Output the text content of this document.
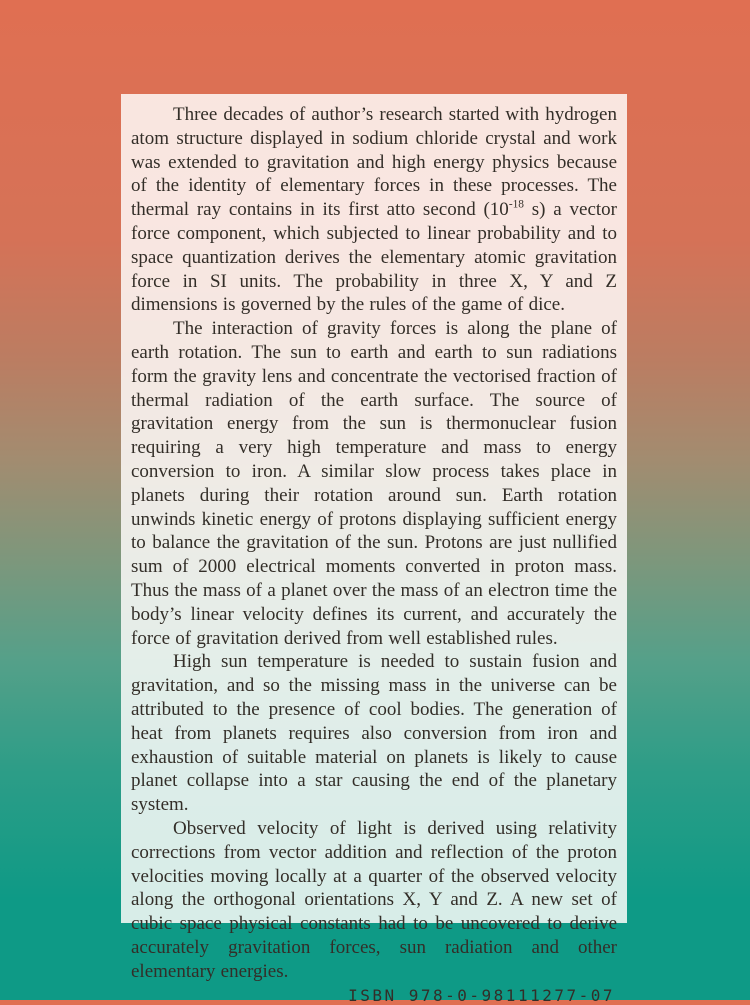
Three decades of author’s research started with hydrogen atom structure displayed in sodium chloride crystal and work was extended to gravitation and high energy physics because of the identity of elementary forces in these processes. The thermal ray contains in its first atto second ($10^{-18}$ s) a vector force component, which subjected to linear probability and to space quantization derives the elementary atomic gravitation force in SI units. The probability in three X, Y and Z dimensions is governed by the rules of the game of dice.

The interaction of gravity forces is along the plane of earth rotation. The sun to earth and earth to sun radiations form the gravity lens and concentrate the vectorised fraction of thermal radiation of the earth surface. The source of gravitation energy from the sun is thermonuclear fusion requiring a very high temperature and mass to energy conversion to iron. A similar slow process takes place in planets during their rotation around sun. Earth rotation unwinds kinetic energy of protons displaying sufficient energy to balance the gravitation of the sun. Protons are just nullified sum of 2000 electrical moments converted in proton mass. Thus the mass of a planet over the mass of an electron time the body’s linear velocity defines its current, and accurately the force of gravitation derived from well established rules.

High sun temperature is needed to sustain fusion and gravitation, and so the missing mass in the universe can be attributed to the presence of cool bodies. The generation of heat from planets requires also conversion from iron and exhaustion of suitable material on planets is likely to cause planet collapse into a star causing the end of the planetary system.

Observed velocity of light is derived using relativity corrections from vector addition and reflection of the proton velocities moving locally at a quarter of the observed velocity along the orthogonal orientations X, Y and Z. A new set of cubic space physical constants had to be uncovered to derive accurately gravitation forces, sun radiation and other elementary energies.

ISBN 978-0-98111277-07
